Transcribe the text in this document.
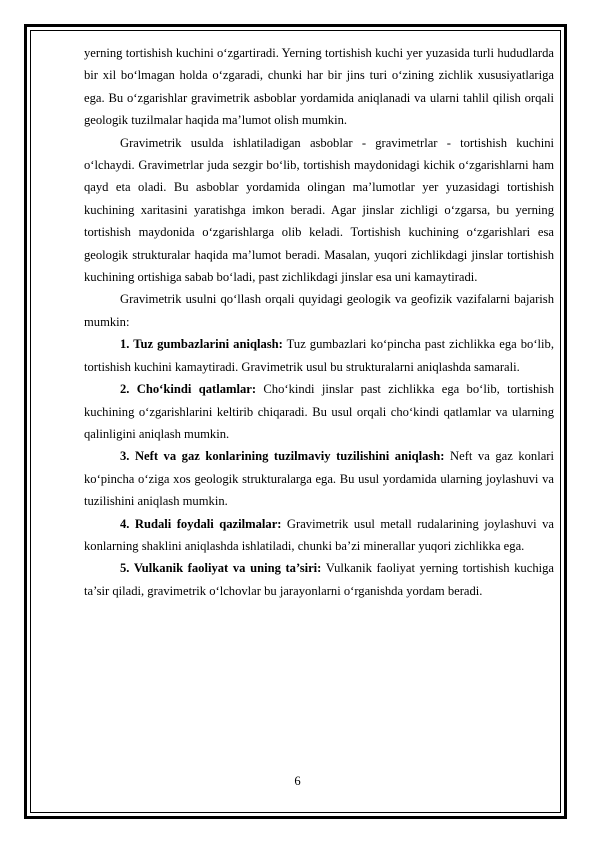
yerning tortishish kuchini o‘zgartiradi. Yerning tortishish kuchi yer yuzasida turli hududlarda bir xil bo‘lmagan holda o‘zgaradi, chunki har bir jins turi o‘zining zichlik xususiyatlariga ega. Bu o‘zgarishlar gravimetrik asboblar yordamida aniqlanadi va ularni tahlil qilish orqali geologik tuzilmalar haqida ma’lumot olish mumkin.

Gravimetrik usulda ishlatiladigan asboblar - gravimetrlar - tortishish kuchini o‘lchaydi. Gravimetrlar juda sezgir bo‘lib, tortishish maydonidagi kichik o‘zgarishlarni ham qayd eta oladi. Bu asboblar yordamida olingan ma’lumotlar yer yuzasidagi tortishish kuchining xaritasini yaratishga imkon beradi. Agar jinslar zichligi o‘zgarsa, bu yerning tortishish maydonida o‘zgarishlarga olib keladi. Tortishish kuchining o‘zgarishlari esa geologik strukturalar haqida ma’lumot beradi. Masalan, yuqori zichlikdagi jinslar tortishish kuchining ortishiga sabab bo‘ladi, past zichlikdagi jinslar esa uni kamaytiradi.

Gravimetrik usulni qo‘llash orqali quyidagi geologik va geofizik vazifalarni bajarish mumkin:

1. Tuz gumbazlarini aniqlash: Tuz gumbazlari ko‘pincha past zichlikka ega bo‘lib, tortishish kuchini kamaytiradi. Gravimetrik usul bu strukturalarni aniqlashda samarali.

2. Cho‘kindi qatlamlar: Cho‘kindi jinslar past zichlikka ega bo‘lib, tortishish kuchining o‘zgarishlarini keltirib chiqaradi. Bu usul orqali cho‘kindi qatlamlar va ularning qalinligini aniqlash mumkin.

3. Neft va gaz konlarining tuzilmaviy tuzilishini aniqlash: Neft va gaz konlari ko‘pincha o‘ziga xos geologik strukturalarga ega. Bu usul yordamida ularning joylashuvi va tuzilishini aniqlash mumkin.

4. Rudali foydali qazilmalar: Gravimetrik usul metall rudalarining joylashuvi va konlarning shaklini aniqlashda ishlatiladi, chunki ba’zi minerallar yuqori zichlikka ega.

5. Vulkanik faoliyat va uning ta’siri: Vulkanik faoliyat yerning tortishish kuchiga ta’sir qiladi, gravimetrik o‘lchovlar bu jarayonlarni o‘rganishda yordam beradi.

6
